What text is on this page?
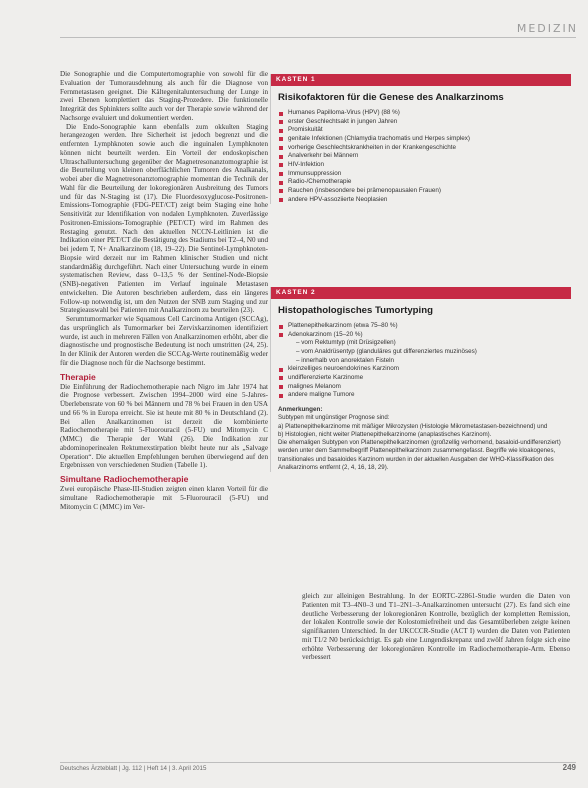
MEDIZIN

Die Sonographie und die Computertomographie von sowohl für die Evaluation der Tumorausdehnung als auch für die Diagnose von Fernmetastasen geeignet. Die Kältegenitaluntersuchung der Lunge in zwei Ebenen komplettiert das Staging-Prozedere. Die funktionelle Integrität des Sphinkters sollte auch vor der Therapie sowie während der Nachsorge evaluiert und dokumentiert werden.

Die Endo-Sonographie kann ebenfalls zum okkulten Staging herangezogen werden. Ihre Sicherheit ist jedoch begrenzt und die entfernten Lymphknoten sowie auch die inguinalen Lymphknoten können nicht beurteilt werden. Ein Vorteil der endoskopischen Ultraschalluntersuchung gegenüber der Magnetresonanztomographie ist die Beurteilung von kleinen oberflächlichen Tumoren des Analkanals, wobei aber die Magnetresonanztomographie momentan die Technik der Wahl für die Beurteilung der lokoregionären Ausbreitung des Tumors und für das N-Staging ist (17). Die Fluordesoxyglucose-Positronen-Emissions-Tomographie (FDG-PET/CT) zeigt beim Staging eine hohe Sensitivität zur Identifikation von nodalen Lymphknoten. Zuverlässige Positronen-Emissions-Tomographie (PET/CT) wird im Rahmen des Restaging genutzt. Nach den aktuellen NCCN-Leitlinien ist die Indikation einer PET/CT die Bestätigung des Stadiums bei T2–4, N0 und bei jedem T, N+ Analkarzinom (18, 19–22). Die Sentinel-Lymphknoten-Biopsie wird derzeit nur im Rahmen klinischer Studien und nicht standardmäßig durchgeführt. Nach einer Untersuchung wurde in einem systematischen Review, dass 0–13,5 % der Sentinel-Node-Biopsie (SNB)-negativen Patienten im Verlauf inguinale Metastasen entwickelten. Die Autoren beschrieben außerdem, dass ein längeres Follow-up notwendig ist, um den Nutzen der SNB zum Staging und zur Strategieauswahl bei Patienten mit Analkarzinom zu beurteilen (23).

Serumtumormarker wie Squamous Cell Carcinoma Antigen (SCCAg), das ursprünglich als Tumormarker bei Zervixkarzinomen identifiziert wurde, ist auch in mehreren Fällen von Analkarzinomen erhöht, aber die diagnostische und prognostische Bedeutung ist noch umstritten (24, 25). In der Klinik der Autoren werden die SCCAg-Werte routinemäßig weder für die Diagnose noch für die Nachsorge bestimmt.

Therapie

Die Einführung der Radiochemotherapie nach Nigro im Jahr 1974 hat die Prognose verbessert. Zwischen 1994–2000 wird eine 5-Jahres-Überlebensrate von 60 % bei Männern und 78 % bei Frauen in den USA und 66 % in Europa erreicht. Sie ist heute mit 80 % in Deutschland (2). Bei allen Analkarzinomen ist derzeit die kombinierte Radiochemotherapie mit 5-Fluorouracil (5-FU) und Mitomycin C (MMC) die Therapie der Wahl (26). Die Indikation zur abdominoperinealen Rektumexstirpation bleibt heute nur als „Salvage Operation“. Die aktuellen Empfehlungen beruhen überwiegend auf den Ergebnissen von verschiedenen Studien (Tabelle 1).

Simultane Radiochemotherapie

Zwei europäische Phase-III-Studien zeigten einen klaren Vorteil für die simultane Radiochemotherapie mit 5-Fluorouracil (5-FU) und Mitomycin C (MMC) im Ver-

KASTEN 1
Risikofaktoren für die Genese des Analkarzinoms
Humanes Papilloma-Virus (HPV) (88 %)
erster Geschlechtsakt in jungen Jahren
Promiskuität
genitale Infektionen (Chlamydia trachomatis und Herpes simplex)
vorherige Geschlechtskrankheiten in der Krankengeschichte
Analverkehr bei Männern
HIV-Infektion
Immunsuppression
Radio-/Chemotherapie
Rauchen (insbesondere bei prämenopausalen Frauen)
andere HPV-assoziierte Neoplasien
KASTEN 2
Histopathologisches Tumortyping
Plattenepithelkarzinom (etwa 75–80 %)
Adenokarzinom (15–20 %)
– vom Rektumtyp (mit Drüsigzellen)
– vom Analdrüsentyp (glanduläres gut differenziertes muzinöses)
– innerhalb von anorektalen Fisteln
kleinzelliges neuroendokrines Karzinom
undifferenzierte Karzinome
malignes Melanom
andere maligne Tumore
Anmerkungen:

Subtypen mit ungünstiger Prognose sind:

a) Plattenepithelkarzinome mit mäßiger Mikrozysten (Histologie Mikrometastasen-bezeichnend) und

b) Histologien, nicht weiter Plattenepithelkarzinome (anaplastisches Karzinom).

Die ehemaligen Subtypen von Plattenepithelkarzinomen (großzellig verhornend, basaloid-undifferenziert) werden unter dem Sammelbegriff Plattenepithelkarzinom zusammengefasst. Begriffe wie kloakogenes, transitionales und basaloides Karzinom wurden in der aktuellen Ausgaben der WHO-Klassifikation des Analkarzinoms entfernt (2, 4, 16, 18, 29).

gleich zur alleinigen Bestrahlung. In der EORTC-22861-Studie wurden die Daten von Patienten mit T3–4N0–3 und T1–2N1–3-Analkarzinomen untersucht (27). Es fand sich eine deutliche Verbesserung der lokoregionären Kontrolle, bezüglich der kompletten Remission, der lokalen Kontrolle sowie der Kolostomiefreiheit und das Gesamtüberleben zeigte keinen signifikanten Unterschied. In der UKCCCR-Studie (ACT I) wurden die Daten von Patienten mit T1/2 N0 berücksichtigt. Es gab eine Lungendiskrepanz und zwölf Jahren folgte sich eine erhöhte Verbesserung der lokoregionären Kontrolle im Radiochemotherapie-Arm. Ebenso verbessert

Deutsches Ärzteblatt | Jg. 112 | Heft 14 | 3. April 2015	249
